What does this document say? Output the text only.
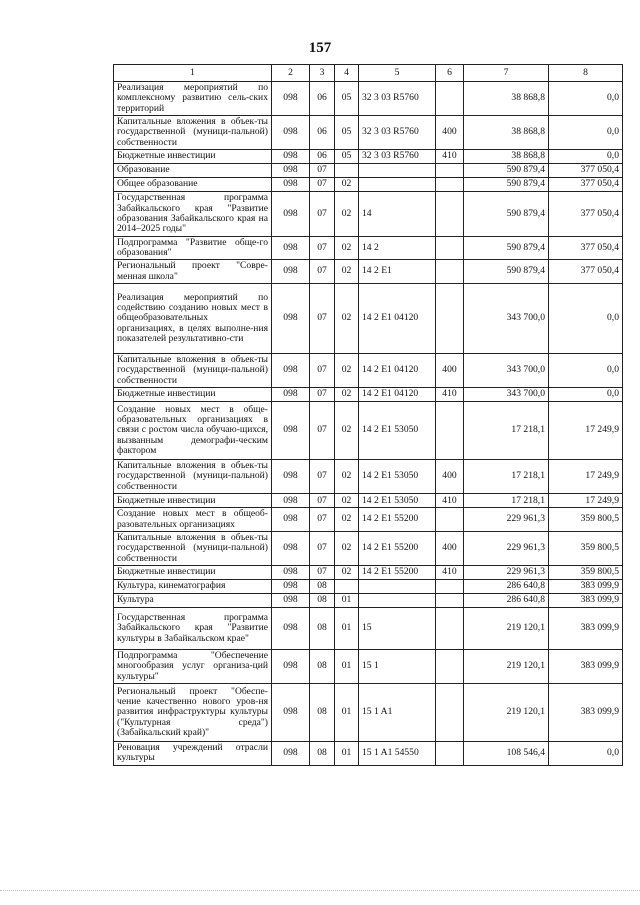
157
1	2	3	4	5	6	7	8
Реализация мероприятий по комплексному развитию сель-ских территорий	098	06	05	32 3 03 R5760		38 868,8	0,0
Капитальные вложения в объек-ты государственной (муници-пальной) собственности	098	06	05	32 3 03 R5760	400	38 868,8	0,0
Бюджетные инвестиции	098	06	05	32 3 03 R5760	410	38 868,8	0,0
Образование	098	07				590 879,4	377 050,4
Общее образование	098	07	02			590 879,4	377 050,4
Государственная программа Забайкальского края "Развитие образования Забайкальского края на 2014–2025 годы"	098	07	02	14		590 879,4	377 050,4
Подпрограмма "Развитие обще-го образования"	098	07	02	14 2		590 879,4	377 050,4
Региональный проект "Совре-менная школа"	098	07	02	14 2 E1		590 879,4	377 050,4
Реализация мероприятий по содействию созданию новых мест в общеобразовательных организациях, в целях выполне-ния показателей результативно-сти	098	07	02	14 2 E1 04120		343 700,0	0,0
Капитальные вложения в объек-ты государственной (муници-пальной) собственности	098	07	02	14 2 E1 04120	400	343 700,0	0,0
Бюджетные инвестиции	098	07	02	14 2 E1 04120	410	343 700,0	0,0
Создание новых мест в обще-образовательных организациях в связи с ростом числа обучаю-щихся, вызванным демографи-ческим фактором	098	07	02	14 2 E1 53050		17 218,1	17 249,9
Капитальные вложения в объек-ты государственной (муници-пальной) собственности	098	07	02	14 2 E1 53050	400	17 218,1	17 249,9
Бюджетные инвестиции	098	07	02	14 2 E1 53050	410	17 218,1	17 249,9
Создание новых мест в общеоб-разовательных организациях	098	07	02	14 2 E1 55200		229 961,3	359 800,5
Капитальные вложения в объек-ты государственной (муници-пальной) собственности	098	07	02	14 2 E1 55200	400	229 961,3	359 800,5
Бюджетные инвестиции	098	07	02	14 2 E1 55200	410	229 961,3	359 800,5
Культура, кинематография	098	08				286 640,8	383 099,9
Культура	098	08	01			286 640,8	383 099,9
Государственная программа Забайкальского края "Развитие культуры в Забайкальском крае"	098	08	01	15		219 120,1	383 099,9
Подпрограмма "Обеспечение многообразия услуг организа-ций культуры"	098	08	01	15 1		219 120,1	383 099,9
Региональный проект "Обеспе-чение качественно нового уров-ня развития инфраструктуры культуры ("Культурная среда") (Забайкальский край)"	098	08	01	15 1 A1		219 120,1	383 099,9
Реновация учреждений отрасли культуры	098	08	01	15 1 A1 54550		108 546,4	0,0
